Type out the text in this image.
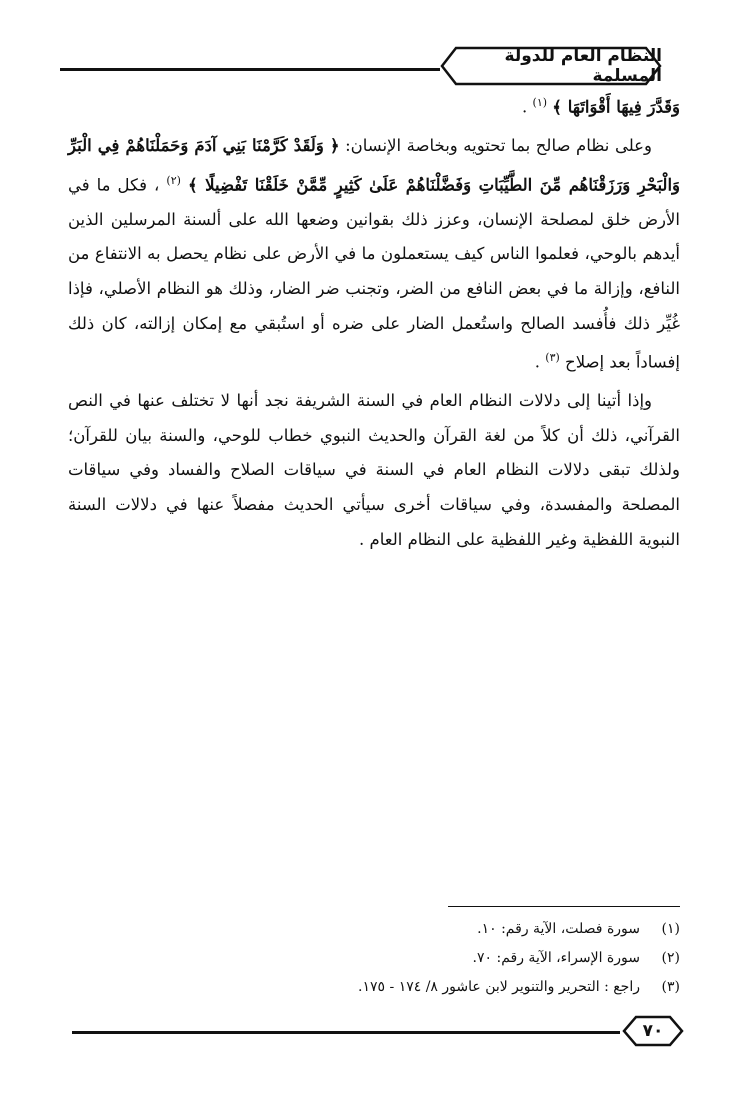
النظام العام للدولة المسلمة

وَقَدَّرَ فِيهَا أَقْوَاتَهَا ﴾ $^{(١)}$ .

وعلى نظام صالح بما تحتويه وبخاصة الإنسان: ﴿ وَلَقَدْ كَرَّمْنَا بَنِي آدَمَ وَحَمَلْنَاهُمْ فِي الْبَرِّ وَالْبَحْرِ وَرَزَقْنَاهُم مِّنَ الطَّيِّبَاتِ وَفَضَّلْنَاهُمْ عَلَىٰ كَثِيرٍ مِّمَّنْ خَلَقْنَا تَفْضِيلًا ﴾ $^{(٢)}$ ، فكل ما في الأرض خلق لمصلحة الإنسان، وعزز ذلك بقوانين وضعها الله على ألسنة المرسلين الذين أيدهم بالوحي، فعلموا الناس كيف يستعملون ما في الأرض على نظام يحصل به الانتفاع من النافع، وإزالة ما في بعض النافع من الضر، وتجنب ضر الضار، وذلك هو النظام الأصلي، فإذا غُيِّر ذلك فأُفسد الصالح واستُعمل الضار على ضره أو استُبقي مع إمكان إزالته، كان ذلك إفساداً بعد إصلاح $^{(٣)}$ .

وإذا أتينا إلى دلالات النظام العام في السنة الشريفة نجد أنها لا تختلف عنها في النص القرآني، ذلك أن كلاً من لغة القرآن والحديث النبوي خطاب للوحي، والسنة بيان للقرآن؛ ولذلك تبقى دلالات النظام العام في السنة في سياقات الصلاح والفساد وفي سياقات المصلحة والمفسدة، وفي سياقات أخرى سيأتي الحديث مفصلاً عنها في دلالات السنة النبوية اللفظية وغير اللفظية على النظام العام .

(١)
سورة فصلت، الآية رقم: ١٠.
(٢)
سورة الإسراء، الآية رقم: ٧٠.
(٣)
راجع : التحرير والتنوير لابن عاشور ٨/ ١٧٤ - ١٧٥.
٧٠
